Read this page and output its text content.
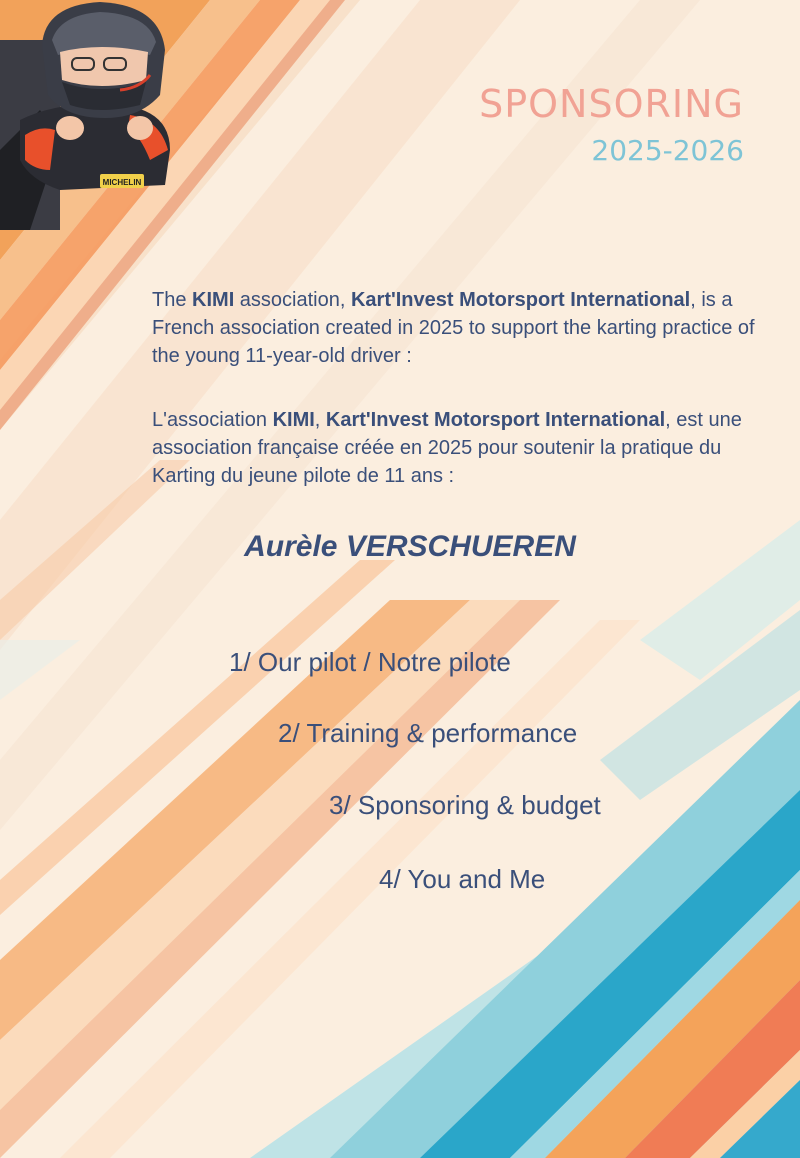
MICHELIN
SPONSORING
2025-2026
The KIMI association, Kart'Invest Motorsport International, is a French association created in 2025 to support the karting practice of the young 11-year-old driver :
L'association KIMI, Kart'Invest Motorsport International, est une association française créée en 2025 pour soutenir la pratique du Karting du jeune pilote de 11 ans :
Aurèle VERSCHUEREN
1/ Our pilot / Notre pilote
2/ Training & performance
3/ Sponsoring & budget
4/ You and Me
